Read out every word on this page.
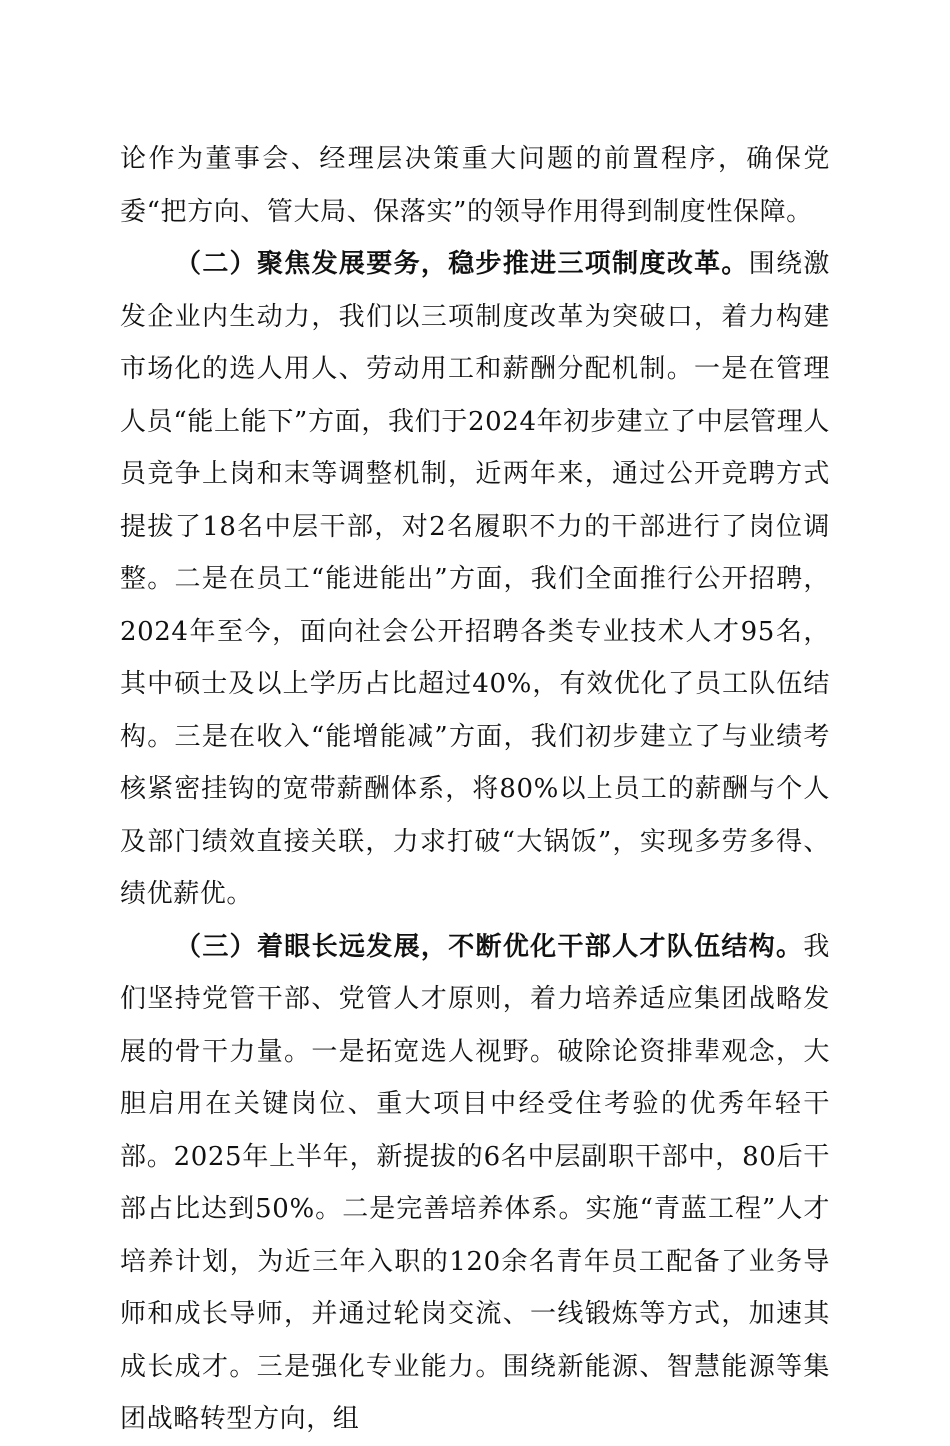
论作为董事会、经理层决策重大问题的前置程序，确保党委“把方向、管大局、保落实”的领导作用得到制度性保障。

（二）聚焦发展要务，稳步推进三项制度改革。围绕激发企业内生动力，我们以三项制度改革为突破口，着力构建市场化的选人用人、劳动用工和薪酬分配机制。一是在管理人员“能上能下”方面，我们于2024年初步建立了中层管理人员竞争上岗和末等调整机制，近两年来，通过公开竞聘方式提拔了18名中层干部，对2名履职不力的干部进行了岗位调整。二是在员工“能进能出”方面，我们全面推行公开招聘，2024年至今，面向社会公开招聘各类专业技术人才95名，其中硕士及以上学历占比超过40%，有效优化了员工队伍结构。三是在收入“能增能减”方面，我们初步建立了与业绩考核紧密挂钩的宽带薪酬体系，将80%以上员工的薪酬与个人及部门绩效直接关联，力求打破“大锅饭”，实现多劳多得、绩优薪优。

（三）着眼长远发展，不断优化干部人才队伍结构。我们坚持党管干部、党管人才原则，着力培养适应集团战略发展的骨干力量。一是拓宽选人视野。破除论资排辈观念，大胆启用在关键岗位、重大项目中经受住考验的优秀年轻干部。2025年上半年，新提拔的6名中层副职干部中，80后干部占比达到50%。二是完善培养体系。实施“青蓝工程”人才培养计划，为近三年入职的120余名青年员工配备了业务导师和成长导师，并通过轮岗交流、一线锻炼等方式，加速其成长成才。三是强化专业能力。围绕新能源、智慧能源等集团战略转型方向，组
